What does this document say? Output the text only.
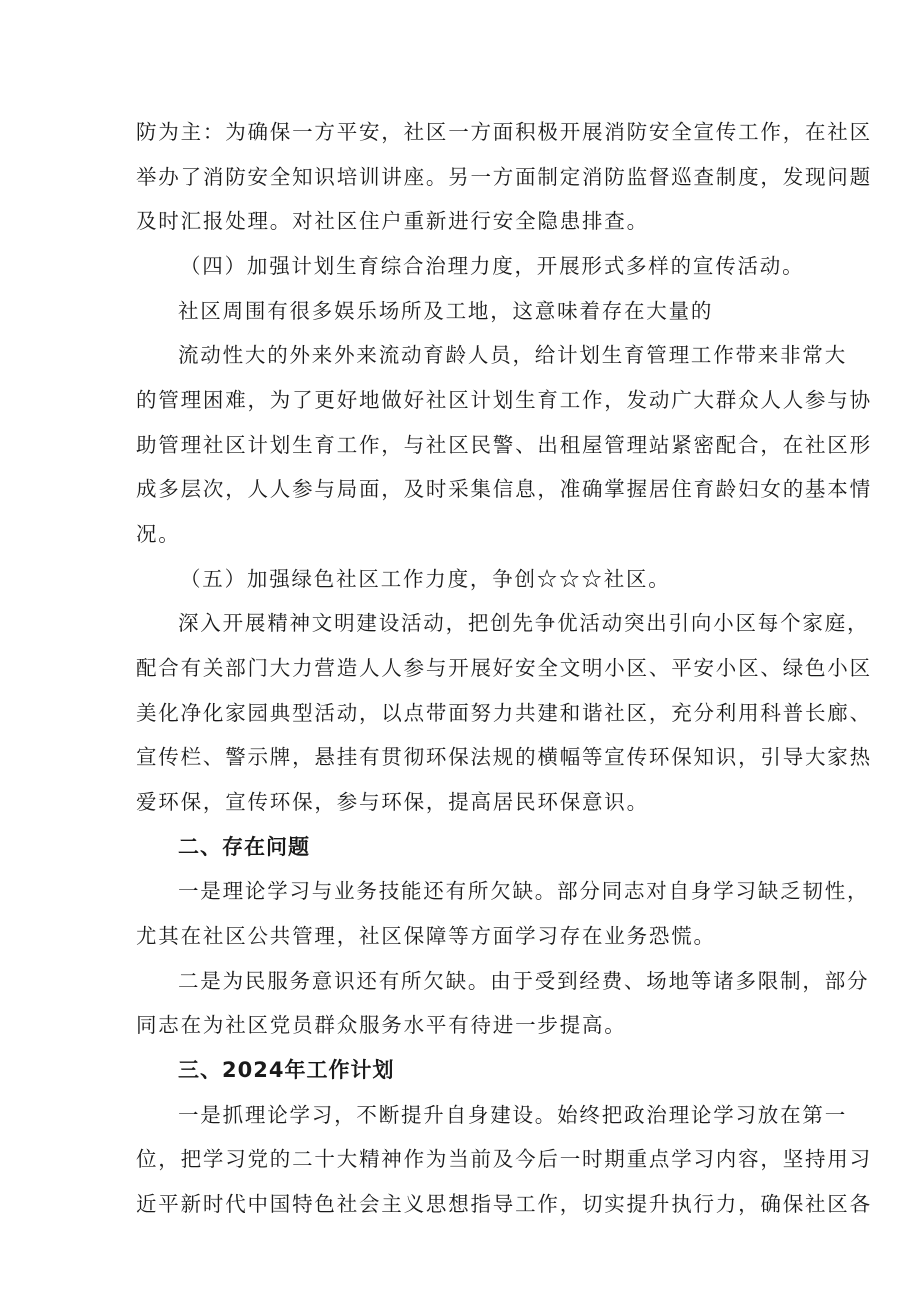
防为主：为确保一方平安，社区一方面积极开展消防安全宣传工作，在社区

举办了消防安全知识培训讲座。另一方面制定消防监督巡查制度，发现问题

及时汇报处理。对社区住户重新进行安全隐患排查。

（四）加强计划生育综合治理力度，开展形式多样的宣传活动。

社区周围有很多娱乐场所及工地，这意味着存在大量的

流动性大的外来外来流动育龄人员，给计划生育管理工作带来非常大

的管理困难，为了更好地做好社区计划生育工作，发动广大群众人人参与协

助管理社区计划生育工作，与社区民警、出租屋管理站紧密配合，在社区形

成多层次，人人参与局面，及时采集信息，准确掌握居住育龄妇女的基本情

况。

（五）加强绿色社区工作力度，争创☆☆☆社区。

深入开展精神文明建设活动，把创先争优活动突出引向小区每个家庭，

配合有关部门大力营造人人参与开展好安全文明小区、平安小区、绿色小区

美化净化家园典型活动，以点带面努力共建和谐社区，充分利用科普长廊、

宣传栏、警示牌，悬挂有贯彻环保法规的横幅等宣传环保知识，引导大家热

爱环保，宣传环保，参与环保，提高居民环保意识。

二、存在问题

一是理论学习与业务技能还有所欠缺。部分同志对自身学习缺乏韧性，

尤其在社区公共管理，社区保障等方面学习存在业务恐慌。

二是为民服务意识还有所欠缺。由于受到经费、场地等诸多限制，部分

同志在为社区党员群众服务水平有待进一步提高。

三、2024年工作计划

一是抓理论学习，不断提升自身建设。始终把政治理论学习放在第一

位，把学习党的二十大精神作为当前及今后一时期重点学习内容，坚持用习

近平新时代中国特色社会主义思想指导工作，切实提升执行力，确保社区各
